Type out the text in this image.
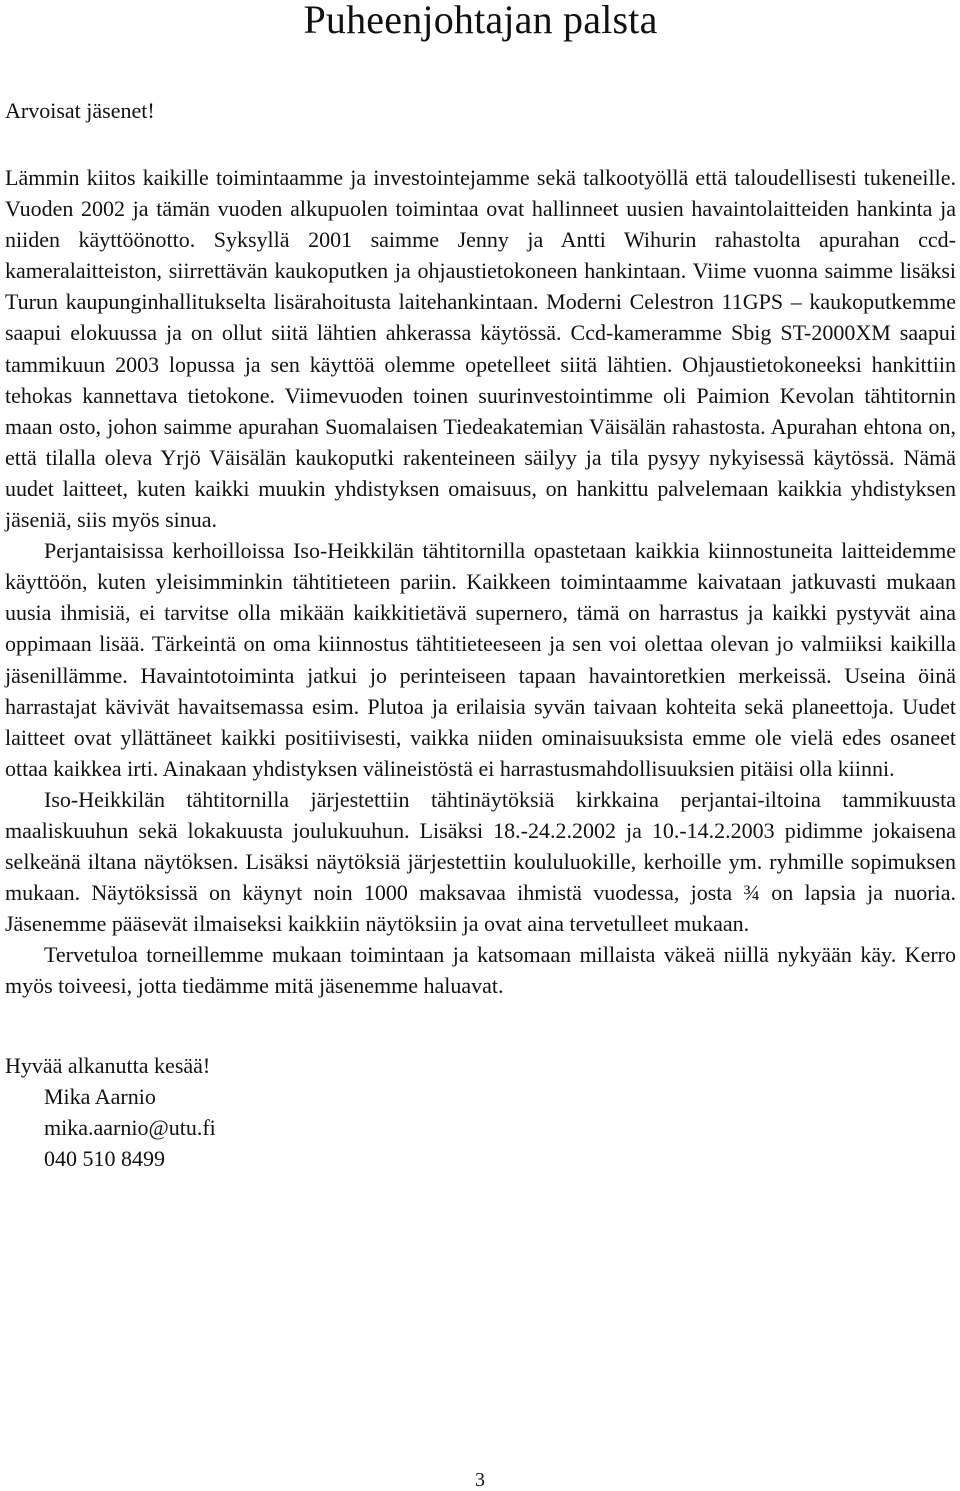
Puheenjohtajan palsta

Arvoisat jäsenet!

Lämmin kiitos kaikille toimintaamme ja investointejamme sekä talkootyöllä että taloudellisesti tukeneille. Vuoden 2002 ja tämän vuoden alkupuolen toimintaa ovat hallinneet uusien havaintolaitteiden hankinta ja niiden käyttöönotto. Syksyllä 2001 saimme Jenny ja Antti Wihurin rahastolta apurahan ccd-kameralaitteiston, siirrettävän kaukoputken ja ohjaustietokoneen hankintaan. Viime vuonna saimme lisäksi Turun kaupunginhallitukselta lisärahoitusta laitehankintaan. Moderni Celestron 11GPS – kaukoputkemme saapui elokuussa ja on ollut siitä lähtien ahkerassa käytössä. Ccd-kameramme Sbig ST-2000XM saapui tammikuun 2003 lopussa ja sen käyttöä olemme opetelleet siitä lähtien. Ohjaustietokoneeksi hankittiin tehokas kannettava tietokone. Viimevuoden toinen suurinvestointimme oli Paimion Kevolan tähtitornin maan osto, johon saimme apurahan Suomalaisen Tiedeakatemian Väisälän rahastosta. Apurahan ehtona on, että tilalla oleva Yrjö Väisälän kaukoputki rakenteineen säilyy ja tila pysyy nykyisessä käytössä. Nämä uudet laitteet, kuten kaikki muukin yhdistyksen omaisuus, on hankittu palvelemaan kaikkia yhdistyksen jäseniä, siis myös sinua.

Perjantaisissa kerhoilloissa Iso-Heikkilän tähtitornilla opastetaan kaikkia kiinnostuneita laitteidemme käyttöön, kuten yleisimminkin tähtitieteen pariin. Kaikkeen toimintaamme kaivataan jatkuvasti mukaan uusia ihmisiä, ei tarvitse olla mikään kaikkitietävä supernero, tämä on harrastus ja kaikki pystyvät aina oppimaan lisää. Tärkeintä on oma kiinnostus tähtitieteeseen ja sen voi olettaa olevan jo valmiiksi kaikilla jäsenillämme. Havaintotoiminta jatkui jo perinteiseen tapaan havaintoretkien merkeissä. Useina öinä harrastajat kävivät havaitsemassa esim. Plutoa ja erilaisia syvän taivaan kohteita sekä planeettoja. Uudet laitteet ovat yllättäneet kaikki positiivisesti, vaikka niiden ominaisuuksista emme ole vielä edes osaneet ottaa kaikkea irti. Ainakaan yhdistyksen välineistöstä ei harrastusmahdollisuuksien pitäisi olla kiinni.

Iso-Heikkilän tähtitornilla järjestettiin tähtinäytöksiä kirkkaina perjantai-iltoina tammikuusta maaliskuuhun sekä lokakuusta joulukuuhun. Lisäksi 18.-24.2.2002 ja 10.-14.2.2003 pidimme jokaisena selkeänä iltana näytöksen. Lisäksi näytöksiä järjestettiin koululuokille, kerhoille ym. ryhmille sopimuksen mukaan. Näytöksissä on käynyt noin 1000 maksavaa ihmistä vuodessa, josta ¾ on lapsia ja nuoria. Jäsenemme pääsevät ilmaiseksi kaikkiin näytöksiin ja ovat aina tervetulleet mukaan.

Tervetuloa torneillemme mukaan toimintaan ja katsomaan millaista väkeä niillä nykyään käy. Kerro myös toiveesi, jotta tiedämme mitä jäsenemme haluavat.

Hyvää alkanutta kesää!
Mika Aarnio
mika.aarnio@utu.fi
040 510 8499
3
